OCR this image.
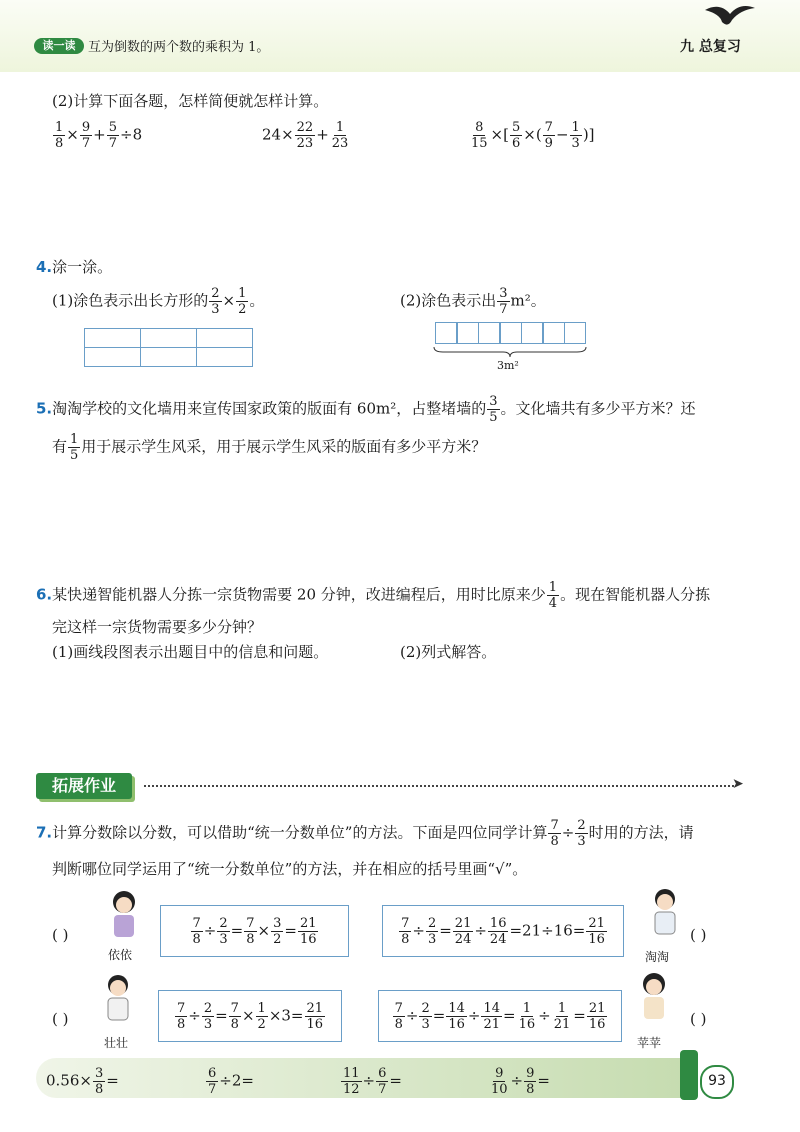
读一读 互为倒数的两个数的乘积为 1。	九 总复习
(2)计算下面各题，怎样简便就怎样计算。
$\frac{1}{8} \times \frac{9}{7} + \frac{5}{7} \div 8$	$24\times \frac{22}{23} + \frac{1}{23}$	$\frac{8}{15}$ ×[ $\frac{5}{6}$ ×( $\frac{7}{9} - \frac{1}{3}$ )]
4.涂一涂。
(1)涂色表示出长方形的 $\frac{2}{3} \times \frac{1}{2}$ 。	(2)涂色表示出 $\frac{3}{7} m^2$。

3m²
5.淘淘学校的文化墙用来宣传国家政策的版面有 60m²，占整堵墙的 $\frac{3}{5}$ 。文化墙共有多少平方米？还
有 $\frac{1}{5}$ 用于展示学生风采，用于展示学生风采的版面有多少平方米？
6.某快递智能机器人分拣一宗货物需要 20 分钟，改进编程后，用时比原来少 $\frac{1}{4}$ 。现在智能机器人分拣
完这样一宗货物需要多少分钟？
(1)画线段图表示出题目中的信息和问题。	(2)列式解答。
拓展作业	➤
7.计算分数除以分数，可以借助“统一分数单位”的方法。下面是四位同学计算 $\frac{7}{8} \div \frac{2}{3}$ 时用的方法，请
判断哪位同学运用了“统一分数单位”的方法，并在相应的括号里画“√”。
( )
依依
$\frac{7}{8} \div \frac{2}{3} = \frac{7}{8} \times \frac{3}{2} = \frac{21}{16}$	$\frac{7}{8} \div \frac{2}{3} = \frac{21}{24} \div \frac{16}{24} =21\div 16= \frac{21}{16}$
淘淘
( )
( )
壮壮
$\frac{7}{8} \div \frac{2}{3} = \frac{7}{8} \times \frac{1}{2} \times 3= \frac{21}{16}$	$\frac{7}{8} \div \frac{2}{3} = \frac{14}{16} \div \frac{14}{21} = \frac{1}{16} \div \frac{1}{21} = \frac{21}{16}$
苹苹
( )
$0.56\times \frac{3}{8}$ =	$\frac{6}{7} \div 2=$	$\frac{11}{12} \div \frac{6}{7}$ =	$\frac{9}{10} \div \frac{9}{8}$ =	93
